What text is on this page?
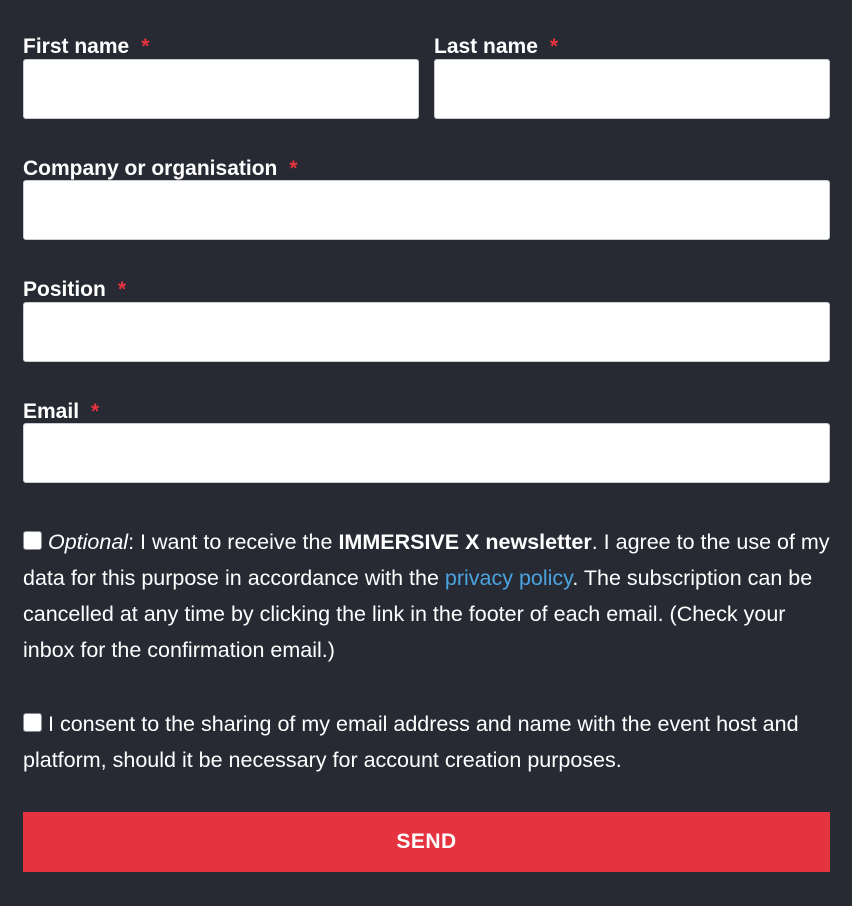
First name *	Last name *
Company or organisation *
Position *
Email *
Optional: I want to receive the IMMERSIVE X newsletter. I agree to the use of my data for this purpose in accordance with the privacy policy. The subscription can be cancelled at any time by clicking the link in the footer of each email. (Check your inbox for the confirmation email.)
I consent to the sharing of my email address and name with the event host and platform, should it be necessary for account creation purposes.
SEND
